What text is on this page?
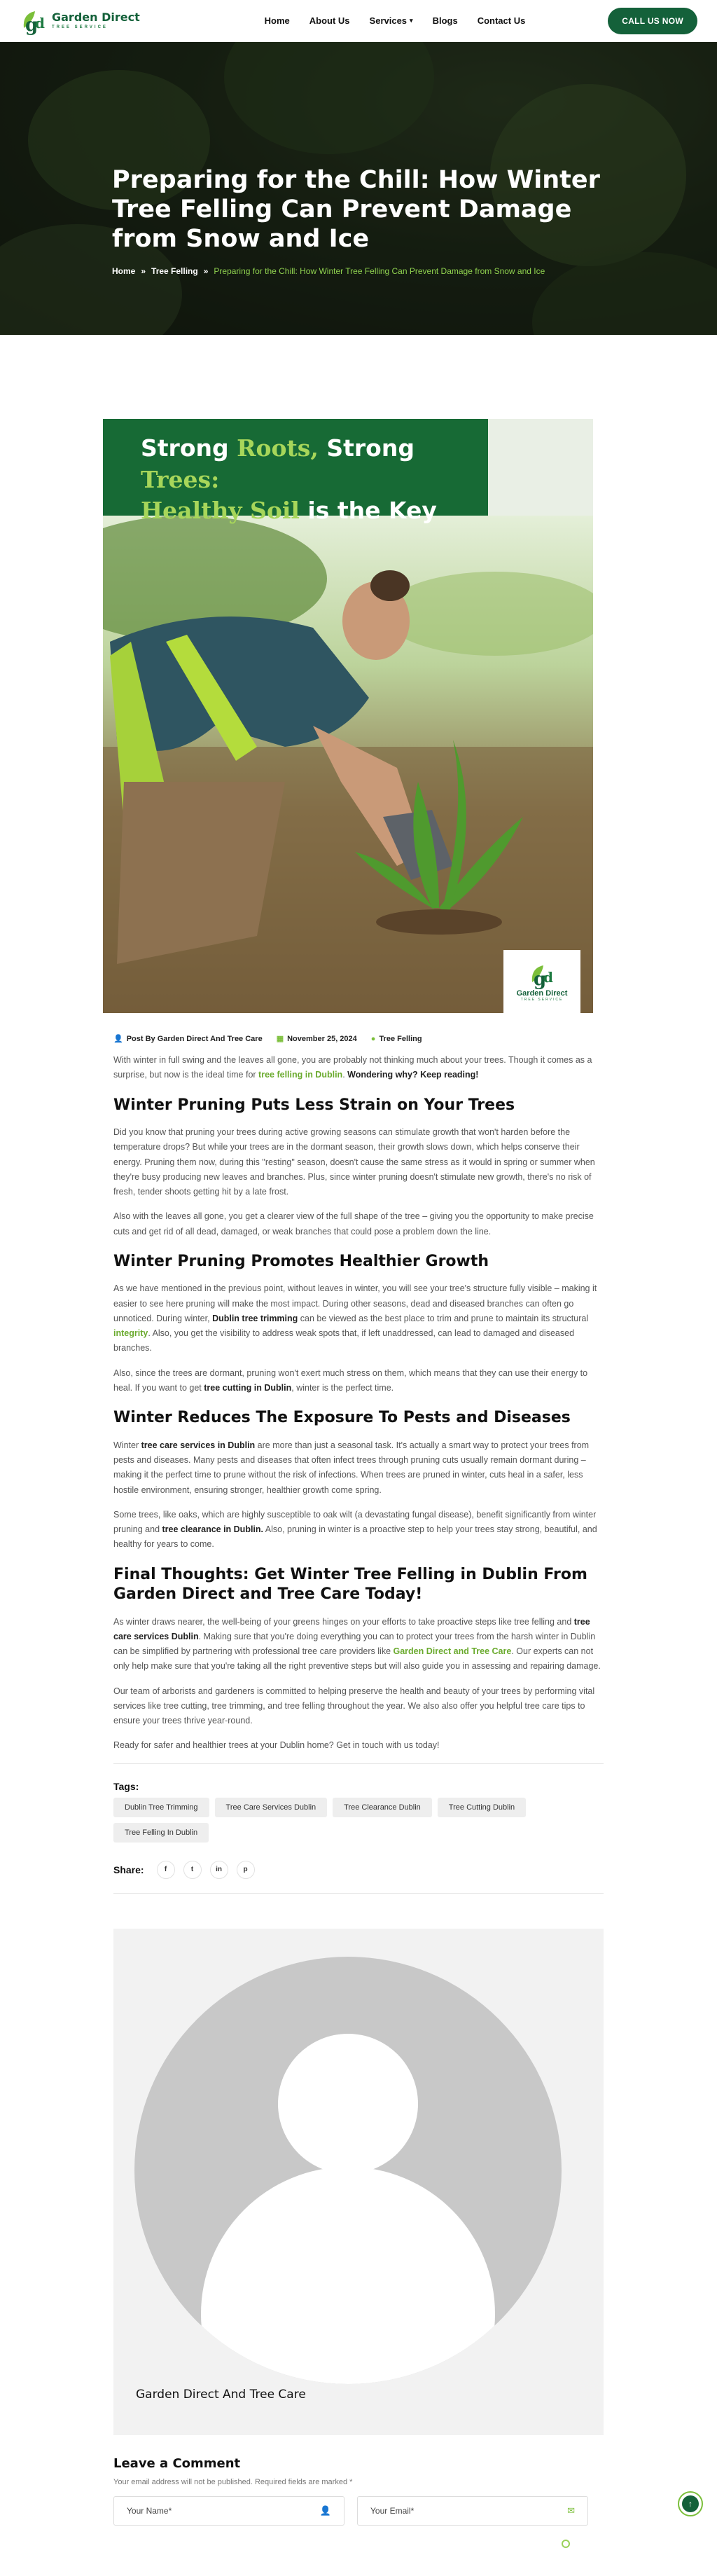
g
d Garden Direct
TREE SERVICE
Home About Us Services ▾ Blogs Contact Us	CALL US NOW
Preparing for the Chill: How Winter Tree Felling Can Prevent Damage from Snow and Ice
Home » Tree Felling » Preparing for the Chill: How Winter Tree Felling Can Prevent Damage from Snow and Ice
Strong Roots, Strong Trees:
Healthy Soil is the Key
g
d
Garden Direct
TREE SERVICE
👤 Post By Garden Direct And Tree Care ▦ November 25, 2024 ● Tree Felling

With winter in full swing and the leaves all gone, you are probably not thinking much about your trees. Though it comes as a surprise, but now is the ideal time for tree felling in Dublin. Wondering why? Keep reading!

Winter Pruning Puts Less Strain on Your Trees

Did you know that pruning your trees during active growing seasons can stimulate growth that won't harden before the temperature drops? But while your trees are in the dormant season, their growth slows down, which helps conserve their energy. Pruning them now, during this "resting" season, doesn't cause the same stress as it would in spring or summer when they're busy producing new leaves and branches. Plus, since winter pruning doesn't stimulate new growth, there's no risk of fresh, tender shoots getting hit by a late frost.

Also with the leaves all gone, you get a clearer view of the full shape of the tree – giving you the opportunity to make precise cuts and get rid of all dead, damaged, or weak branches that could pose a problem down the line.

Winter Pruning Promotes Healthier Growth

As we have mentioned in the previous point, without leaves in winter, you will see your tree's structure fully visible – making it easier to see here pruning will make the most impact. During other seasons, dead and diseased branches can often go unnoticed. During winter, Dublin tree trimming can be viewed as the best place to trim and prune to maintain its structural integrity. Also, you get the visibility to address weak spots that, if left unaddressed, can lead to damaged and diseased branches.

Also, since the trees are dormant, pruning won't exert much stress on them, which means that they can use their energy to heal. If you want to get tree cutting in Dublin, winter is the perfect time.

Winter Reduces The Exposure To Pests and Diseases

Winter tree care services in Dublin are more than just a seasonal task. It's actually a smart way to protect your trees from pests and diseases. Many pests and diseases that often infect trees through pruning cuts usually remain dormant during – making it the perfect time to prune without the risk of infections. When trees are pruned in winter, cuts heal in a safer, less hostile environment, ensuring stronger, healthier growth come spring.

Some trees, like oaks, which are highly susceptible to oak wilt (a devastating fungal disease), benefit significantly from winter pruning and tree clearance in Dublin. Also, pruning in winter is a proactive step to help your trees stay strong, beautiful, and healthy for years to come.

Final Thoughts: Get Winter Tree Felling in Dublin From Garden Direct and Tree Care Today!

As winter draws nearer, the well-being of your greens hinges on your efforts to take proactive steps like tree felling and tree care services Dublin. Making sure that you're doing everything you can to protect your trees from the harsh winter in Dublin can be simplified by partnering with professional tree care providers like Garden Direct and Tree Care. Our experts can not only help make sure that you're taking all the right preventive steps but will also guide you in assessing and repairing damage.

Our team of arborists and gardeners is committed to helping preserve the health and beauty of your trees by performing vital services like tree cutting, tree trimming, and tree felling throughout the year. We also also offer you helpful tree care tips to ensure your trees thrive year-round.

Ready for safer and healthier trees at your Dublin home? Get in touch with us today!

Tags:
Dublin Tree Trimming	Tree Care Services Dublin	Tree Clearance Dublin	Tree Cutting Dublin
Tree Felling In Dublin
Share:	f	t	in	p
Garden Direct And Tree Care
Leave a Comment

Your email address will not be published. Required fields are marked *

Your Name*	👤	Your Email*	✉
↑
